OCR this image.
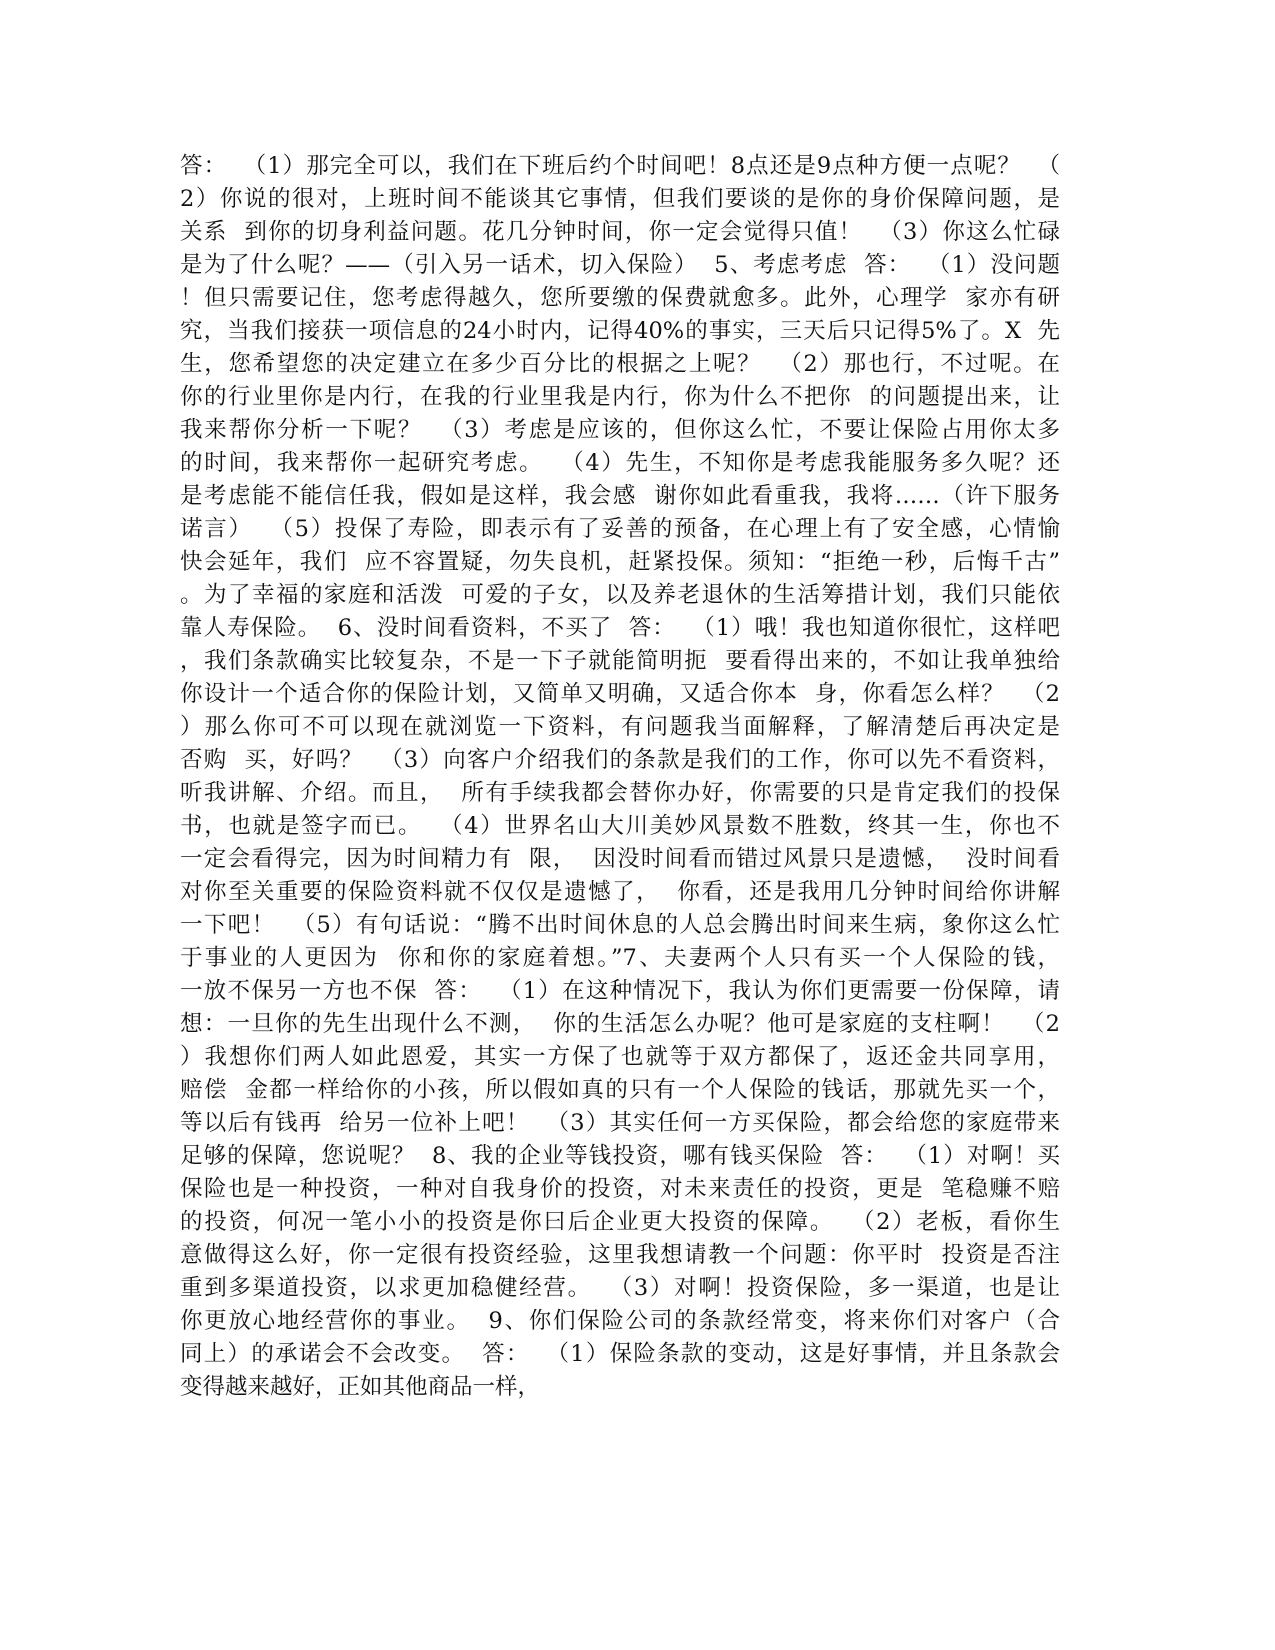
答：  （1）那完全可以，我们在下班后约个时间吧！8点还是9点种方便一点呢？  （
2）你说的很对，上班时间不能谈其它事情，但我们要谈的是你的身价保障问题，是
关系  到你的切身利益问题。花几分钟时间，你一定会觉得只值！  （3）你这么忙碌
是为了什么呢？——（引入另一话术，切入保险）  5、考虑考虑  答：  （1）没问题
！但只需要记住，您考虑得越久，您所要缴的保费就愈多。此外，心理学  家亦有研
究，当我们接获一项信息的24小时内，记得40%的事实，三天后只记得5%了。X  先
生，您希望您的决定建立在多少百分比的根据之上呢？  （2）那也行，不过呢。在
你的行业里你是内行，在我的行业里我是内行，你为什么不把你  的问题提出来，让
我来帮你分析一下呢？  （3）考虑是应该的，但你这么忙，不要让保险占用你太多
的时间，我来帮你一起研究考虑。  （4）先生，不知你是考虑我能服务多久呢？还
是考虑能不能信任我，假如是这样，我会感  谢你如此看重我，我将……（许下服务
诺言）  （5）投保了寿险，即表示有了妥善的预备，在心理上有了安全感，心情愉
快会延年，我们  应不容置疑，勿失良机，赶紧投保。须知：“拒绝一秒，后悔千古”
。为了幸福的家庭和活泼  可爱的子女，以及养老退休的生活筹措计划，我们只能依
靠人寿保险。  6、没时间看资料，不买了  答：  （1）哦！我也知道你很忙，这样吧
，我们条款确实比较复杂，不是一下子就能简明扼  要看得出来的，不如让我单独给
你设计一个适合你的保险计划，又简单又明确，又适合你本  身，你看怎么样？  （2
）那么你可不可以现在就浏览一下资料，有问题我当面解释，了解清楚后再决定是
否购  买，好吗？  （3）向客户介绍我们的条款是我们的工作，你可以先不看资料，
听我讲解、介绍。而且，  所有手续我都会替你办好，你需要的只是肯定我们的投保
书，也就是签字而已。  （4）世界名山大川美妙风景数不胜数，终其一生，你也不
一定会看得完，因为时间精力有  限，  因没时间看而错过风景只是遗憾，  没时间看
对你至关重要的保险资料就不仅仅是遗憾了，  你看，还是我用几分钟时间给你讲解
一下吧！  （5）有句话说：“腾不出时间休息的人总会腾出时间来生病，象你这么忙
于事业的人更因为  你和你的家庭着想。”7、夫妻两个人只有买一个人保险的钱，
一放不保另一方也不保  答：  （1）在这种情况下，我认为你们更需要一份保障，请
想：一旦你的先生出现什么不测，  你的生活怎么办呢？他可是家庭的支柱啊！  （2
）我想你们两人如此恩爱，其实一方保了也就等于双方都保了，返还金共同享用，
赔偿  金都一样给你的小孩，所以假如真的只有一个人保险的钱话，那就先买一个，
等以后有钱再  给另一位补上吧！  （3）其实任何一方买保险，都会给您的家庭带来
足够的保障，您说呢？  8、我的企业等钱投资，哪有钱买保险  答：  （1）对啊！买
保险也是一种投资，一种对自我身价的投资，对未来责任的投资，更是  笔稳赚不赔
的投资，何况一笔小小的投资是你曰后企业更大投资的保障。  （2）老板，看你生
意做得这么好，你一定很有投资经验，这里我想请教一个问题：你平时  投资是否注
重到多渠道投资，以求更加稳健经营。  （3）对啊！投资保险，多一渠道，也是让
你更放心地经营你的事业。  9、你们保险公司的条款经常变，将来你们对客户（合
同上）的承诺会不会改变。  答：  （1）保险条款的变动，这是好事情，并且条款会
变得越来越好，正如其他商品一样，
